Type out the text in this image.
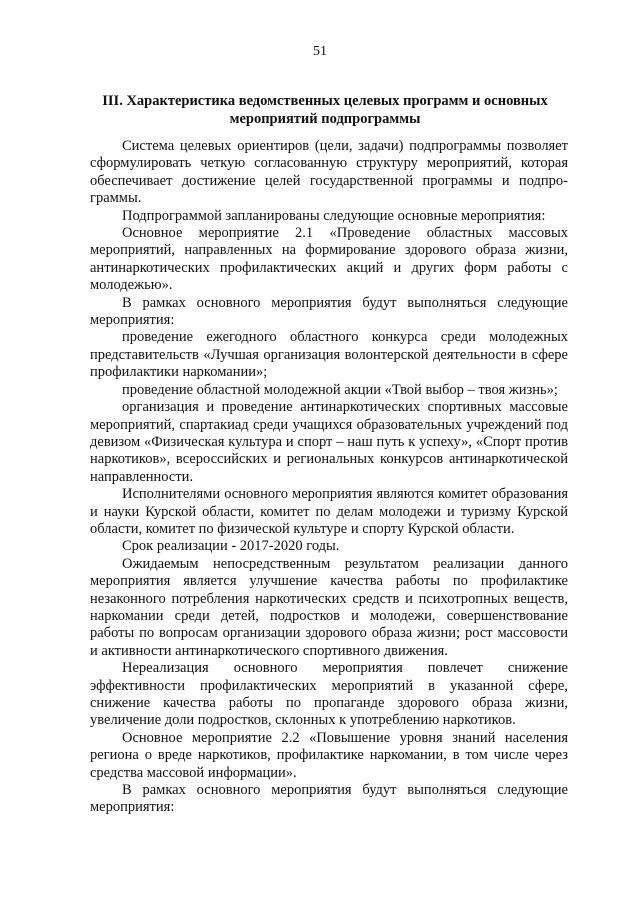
51
III. Характеристика ведомственных целевых программ и основных мероприятий подпрограммы

Система целевых ориентиров (цели, задачи) подпрограммы позволяет сформулировать четкую согласованную структуру мероприятий, которая обеспечивает достижение целей государственной программы и подпро-граммы.

Подпрограммой запланированы следующие основные мероприятия:

Основное мероприятие 2.1 «Проведение областных массовых мероприятий, направленных на формирование здорового образа жизни, антинаркотических профилактических акций и других форм работы с молодежью».

В рамках основного мероприятия будут выполняться следующие мероприятия:

проведение ежегодного областного конкурса среди молодежных представительств «Лучшая организация волонтерской деятельности в сфере профилактики наркомании»;

проведение областной молодежной акции «Твой выбор – твоя жизнь»;

организация и проведение антинаркотических спортивных массовые мероприятий, спартакиад среди учащихся образовательных учреждений под девизом «Физическая культура и спорт – наш путь к успеху», «Спорт против наркотиков», всероссийских и региональных конкурсов антинаркотической направленности.

Исполнителями основного мероприятия являются комитет образования и науки Курской области, комитет по делам молодежи и туризму Курской области, комитет по физической культуре и спорту Курской области.

Срок реализации - 2017-2020 годы.

Ожидаемым непосредственным результатом реализации данного мероприятия является улучшение качества работы по профилактике незаконного потребления наркотических средств и психотропных веществ, наркомании среди детей, подростков и молодежи, совершенствование работы по вопросам организации здорового образа жизни; рост массовости и активности антинаркотического спортивного движения.

Нереализация основного мероприятия повлечет снижение эффективности профилактических мероприятий в указанной сфере, снижение качества работы по пропаганде здорового образа жизни, увеличение доли подростков, склонных к употреблению наркотиков.

Основное мероприятие 2.2 «Повышение уровня знаний населения региона о вреде наркотиков, профилактике наркомании, в том числе через средства массовой информации».

В рамках основного мероприятия будут выполняться следующие мероприятия:
